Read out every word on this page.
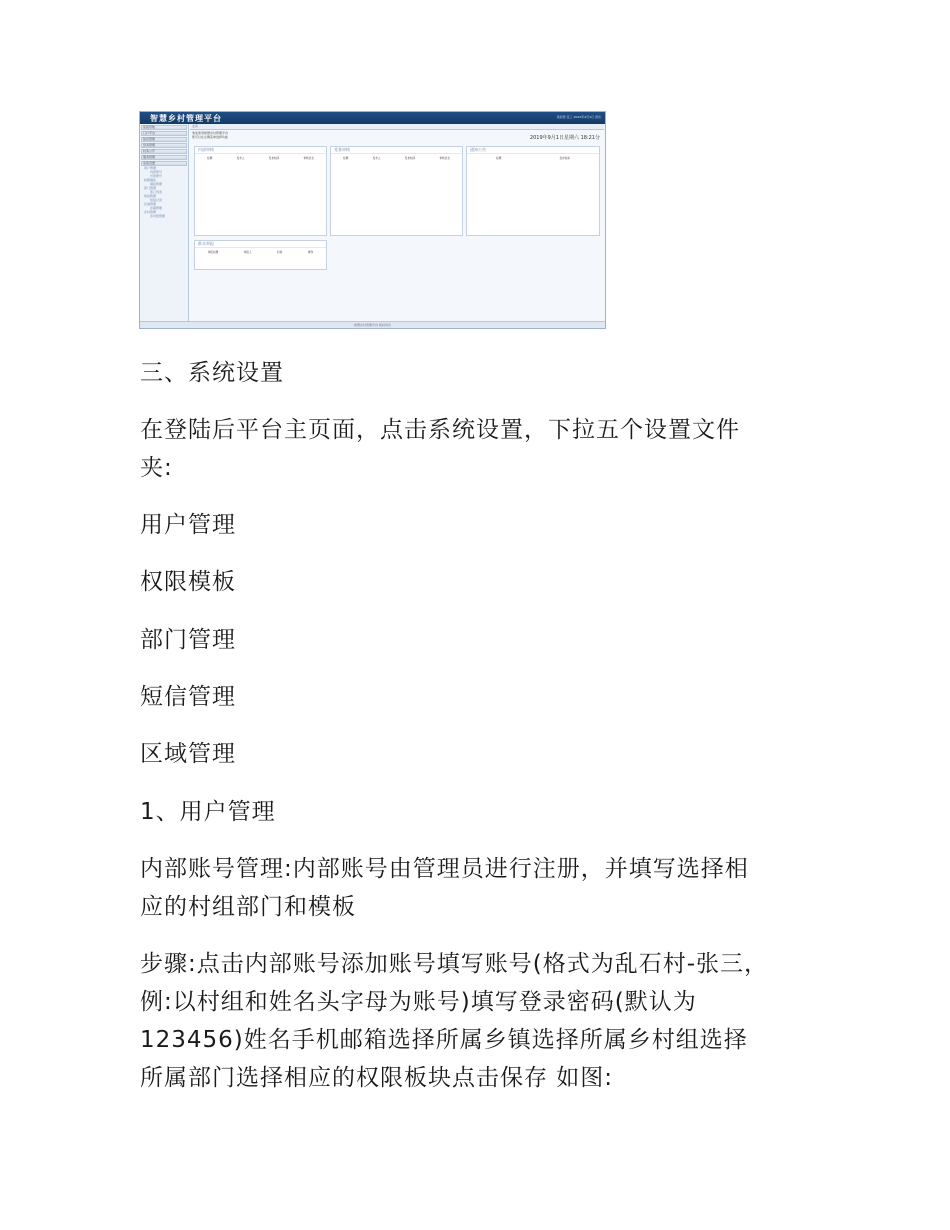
智慧乡村管理平台	欢迎您 张三 2022年4月1日 退出
系统导航
门户平台
信息管理
党务管理
村务公开
服务管理
系统设置
用户管理
内部账号
外部账号
权限模板
模板管理
部门管理
部门列表
短信管理
短信记录
区域管理
乡镇管理
乡村管理
乡村组管理
主页
欢迎使用智慧乡村管理平台
您可以在左侧菜单选择功能	2019年9月1日星期六 18:21分
内部审核
标题	发布人	发布时间	审核状态
党务审核
标题	发布人	发布时间	审核状态
通知公告
标题	发布时间
群众举报
举报标题	举报人	时间	操作
智慧乡村管理平台 版权所有

三、系统设置

在登陆后平台主页面，点击系统设置，下拉五个设置文件

夹:

用户管理

权限模板

部门管理

短信管理

区域管理

1、用户管理

内部账号管理:内部账号由管理员进行注册，并填写选择相

应的村组部门和模板

步骤:点击内部账号添加账号填写账号(格式为乱石村-张三，

例:以村组和姓名头字母为账号)填写登录密码(默认为

123456)姓名手机邮箱选择所属乡镇选择所属乡村组选择

所属部门选择相应的权限板块点击保存 如图:
